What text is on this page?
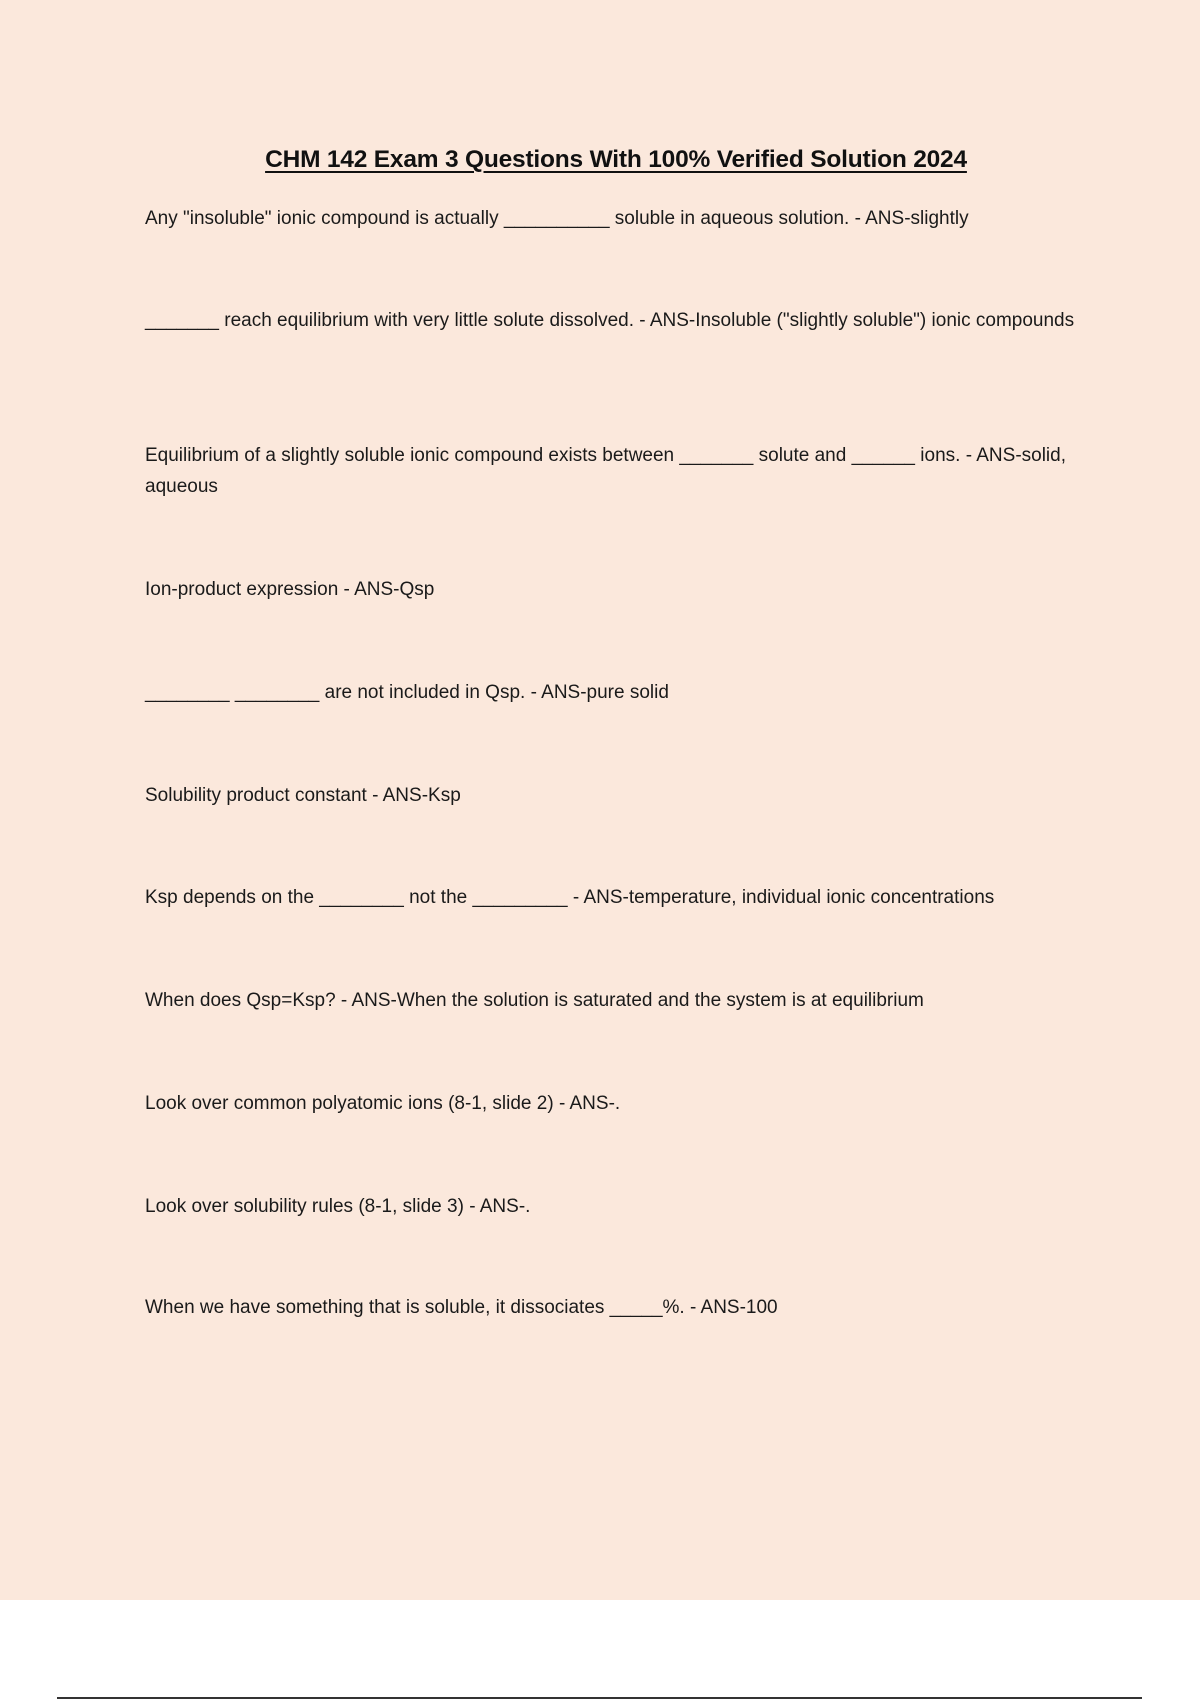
CHM 142 Exam 3 Questions With 100% Verified Solution 2024
Any "insoluble" ionic compound is actually __________ soluble in aqueous solution. - ANS-slightly
_______ reach equilibrium with very little solute dissolved. - ANS-Insoluble ("slightly soluble") ionic compounds
Equilibrium of a slightly soluble ionic compound exists between _______ solute and ______ ions. - ANS-solid, aqueous
Ion-product expression - ANS-Qsp
________ ________ are not included in Qsp. - ANS-pure solid
Solubility product constant - ANS-Ksp
Ksp depends on the ________ not the _________ - ANS-temperature, individual ionic concentrations
When does Qsp=Ksp? - ANS-When the solution is saturated and the system is at equilibrium
Look over common polyatomic ions (8-1, slide 2) - ANS-.
Look over solubility rules (8-1, slide 3) - ANS-.
When we have something that is soluble, it dissociates _____%. - ANS-100
